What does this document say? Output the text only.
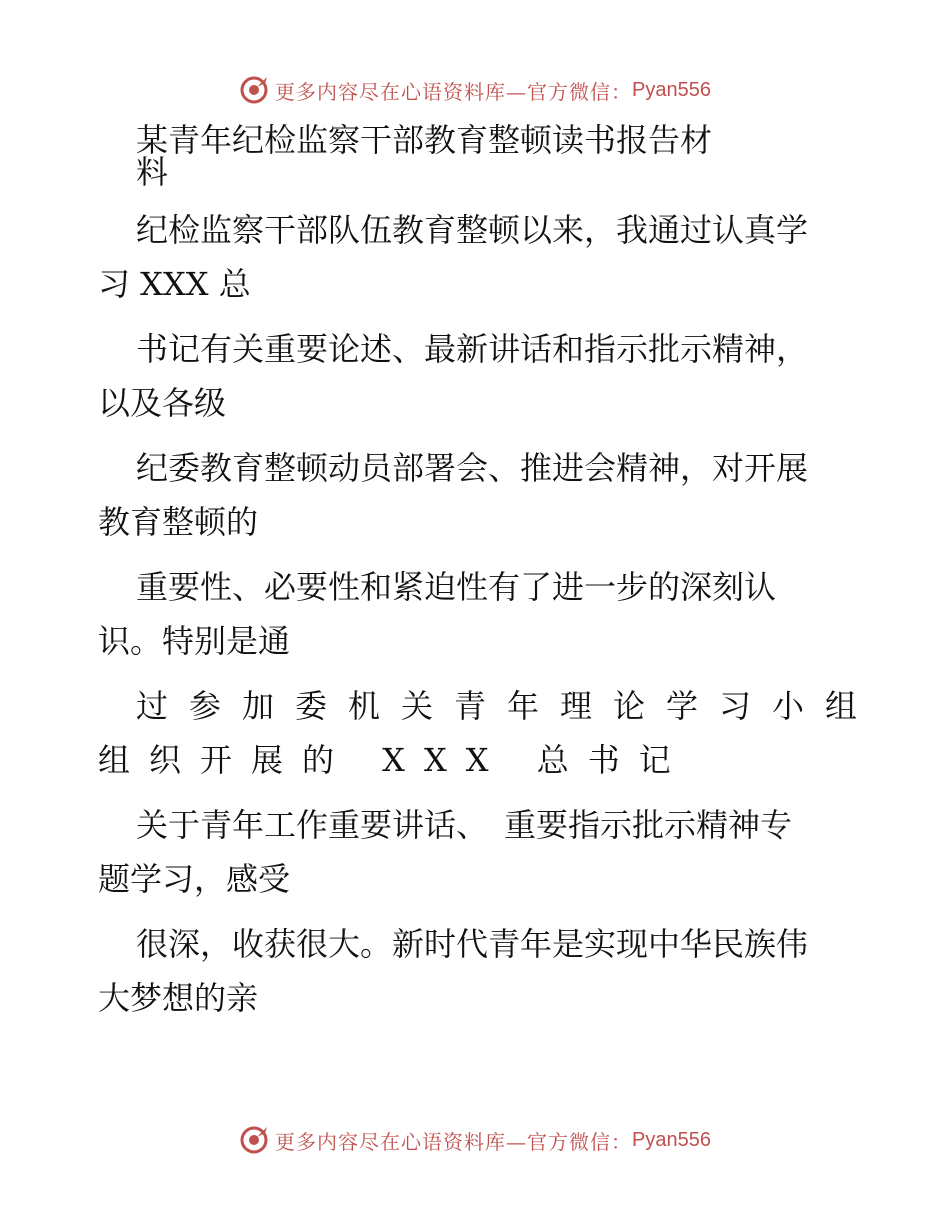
更多内容尽在心语资料库—官方微信： Pyan556

某青年纪检监察干部教育整顿读书报告材

料

纪检监察干部队伍教育整顿以来，我通过认真学

习 XXX 总

书记有关重要论述、最新讲话和指示批示精神，

以及各级

纪委教育整顿动员部署会、推进会精神，对开展

教育整顿的

重要性、必要性和紧迫性有了进一步的深刻认

识。特别是通

过参加委机关青年理论学习小组

组织开展的 XXX 总书记

关于青年工作重要讲话、　重要指示批示精神专

题学习，感受

很深，收获很大。新时代青年是实现中华民族伟

大梦想的亲

更多内容尽在心语资料库—官方微信： Pyan556
